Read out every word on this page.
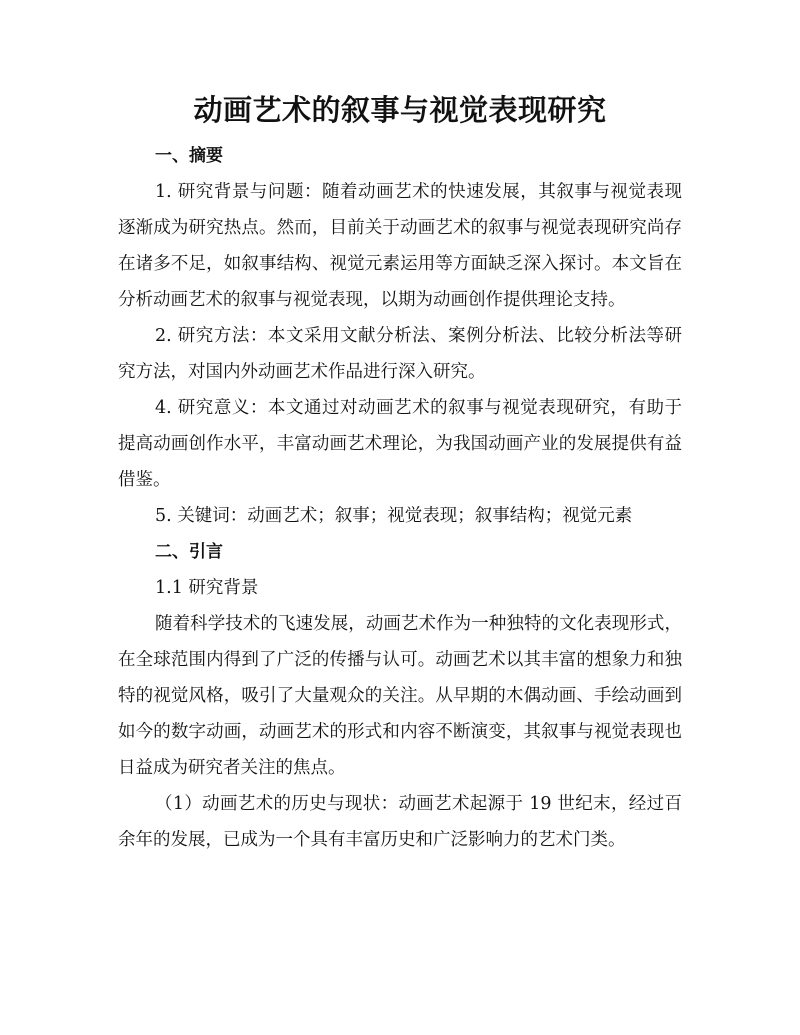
动画艺术的叙事与视觉表现研究
一、摘要

1. 研究背景与问题：随着动画艺术的快速发展，其叙事与视觉表现逐渐成为研究热点。然而，目前关于动画艺术的叙事与视觉表现研究尚存在诸多不足，如叙事结构、视觉元素运用等方面缺乏深入探讨。本文旨在分析动画艺术的叙事与视觉表现，以期为动画创作提供理论支持。

2. 研究方法：本文采用文献分析法、案例分析法、比较分析法等研究方法，对国内外动画艺术作品进行深入研究。

4. 研究意义：本文通过对动画艺术的叙事与视觉表现研究，有助于提高动画创作水平，丰富动画艺术理论，为我国动画产业的发展提供有益借鉴。

5. 关键词：动画艺术；叙事；视觉表现；叙事结构；视觉元素

二、引言
1.1 研究背景

随着科学技术的飞速发展，动画艺术作为一种独特的文化表现形式，在全球范围内得到了广泛的传播与认可。动画艺术以其丰富的想象力和独特的视觉风格，吸引了大量观众的关注。从早期的木偶动画、手绘动画到如今的数字动画，动画艺术的形式和内容不断演变，其叙事与视觉表现也日益成为研究者关注的焦点。

（1）动画艺术的历史与现状：动画艺术起源于 19 世纪末，经过百余年的发展，已成为一个具有丰富历史和广泛影响力的艺术门类。
